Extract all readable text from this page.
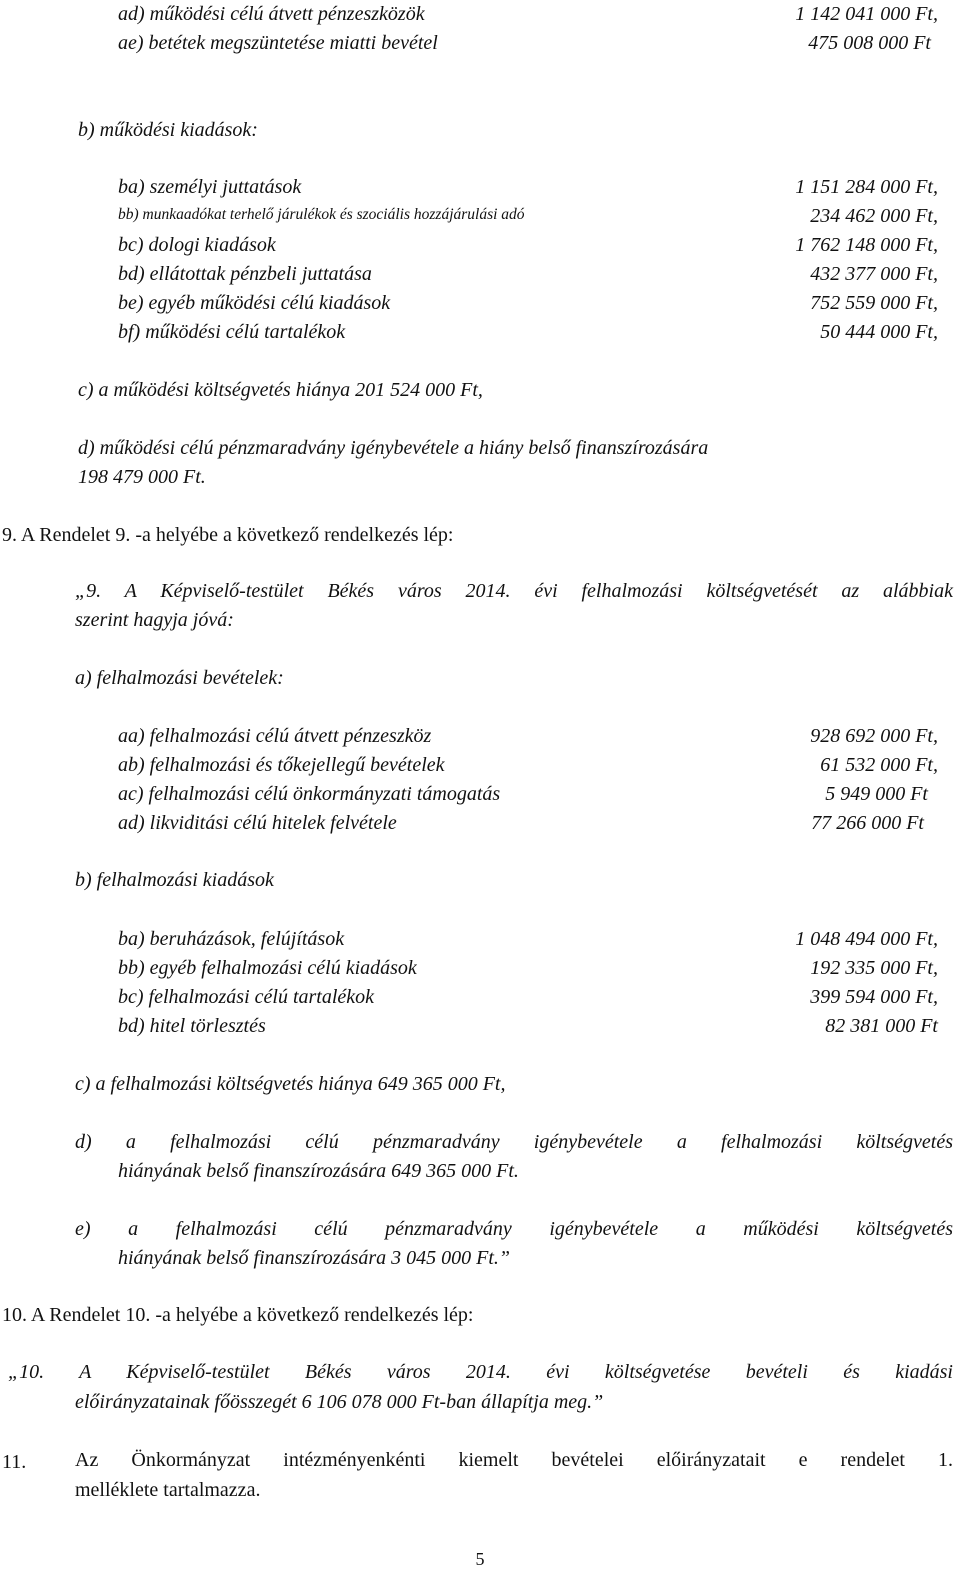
ad) működési célú átvett pénzeszközök	1 142 041 000 Ft,
ae) betétek megszüntetése miatti bevétel	475 008 000 Ft
b) működési kiadások:
ba) személyi juttatások	1 151 284 000 Ft,
bb) munkaadókat terhelő járulékok és szociális hozzájárulási adó	234 462 000 Ft,
bc) dologi kiadások	1 762 148 000 Ft,
bd) ellátottak pénzbeli juttatása	432 377 000 Ft,
be) egyéb működési célú kiadások	752 559 000 Ft,
bf) működési célú tartalékok	50 444 000 Ft,
c) a működési költségvetés hiánya 201 524 000 Ft,
d) működési célú pénzmaradvány igénybevétele a hiány belső finanszírozására
198 479 000 Ft.
9. A Rendelet 9. -a helyébe a következő rendelkezés lép:
„9. A Képviselő-testület Békés város 2014. évi felhalmozási költségvetését az alábbiak
szerint hagyja jóvá:
a) felhalmozási bevételek:
aa) felhalmozási célú átvett pénzeszköz	928 692 000 Ft,
ab) felhalmozási és tőkejellegű bevételek	61 532 000 Ft,
ac) felhalmozási célú önkormányzati támogatás	5 949 000 Ft
ad) likviditási célú hitelek felvétele	77 266 000 Ft
b) felhalmozási kiadások
ba) beruházások, felújítások	1 048 494 000 Ft,
bb) egyéb felhalmozási célú kiadások	192 335 000 Ft,
bc) felhalmozási célú tartalékok	399 594 000 Ft,
bd) hitel törlesztés	82 381 000 Ft
c) a felhalmozási költségvetés hiánya 649 365 000 Ft,
d) a felhalmozási célú pénzmaradvány igénybevétele a felhalmozási költségvetés
hiányának belső finanszírozására 649 365 000 Ft.
e) a felhalmozási célú pénzmaradvány igénybevétele a működési költségvetés
hiányának belső finanszírozására 3 045 000 Ft.”
10. A Rendelet 10. -a helyébe a következő rendelkezés lép:
„10. A Képviselő-testület Békés város 2014. évi költségvetése bevételi és kiadási
előirányzatainak főösszegét 6 106 078 000 Ft-ban állapítja meg.”
11. Az Önkormányzat intézményenkénti kiemelt bevételei előirányzatait e rendelet 1.
melléklete tartalmazza.
5
